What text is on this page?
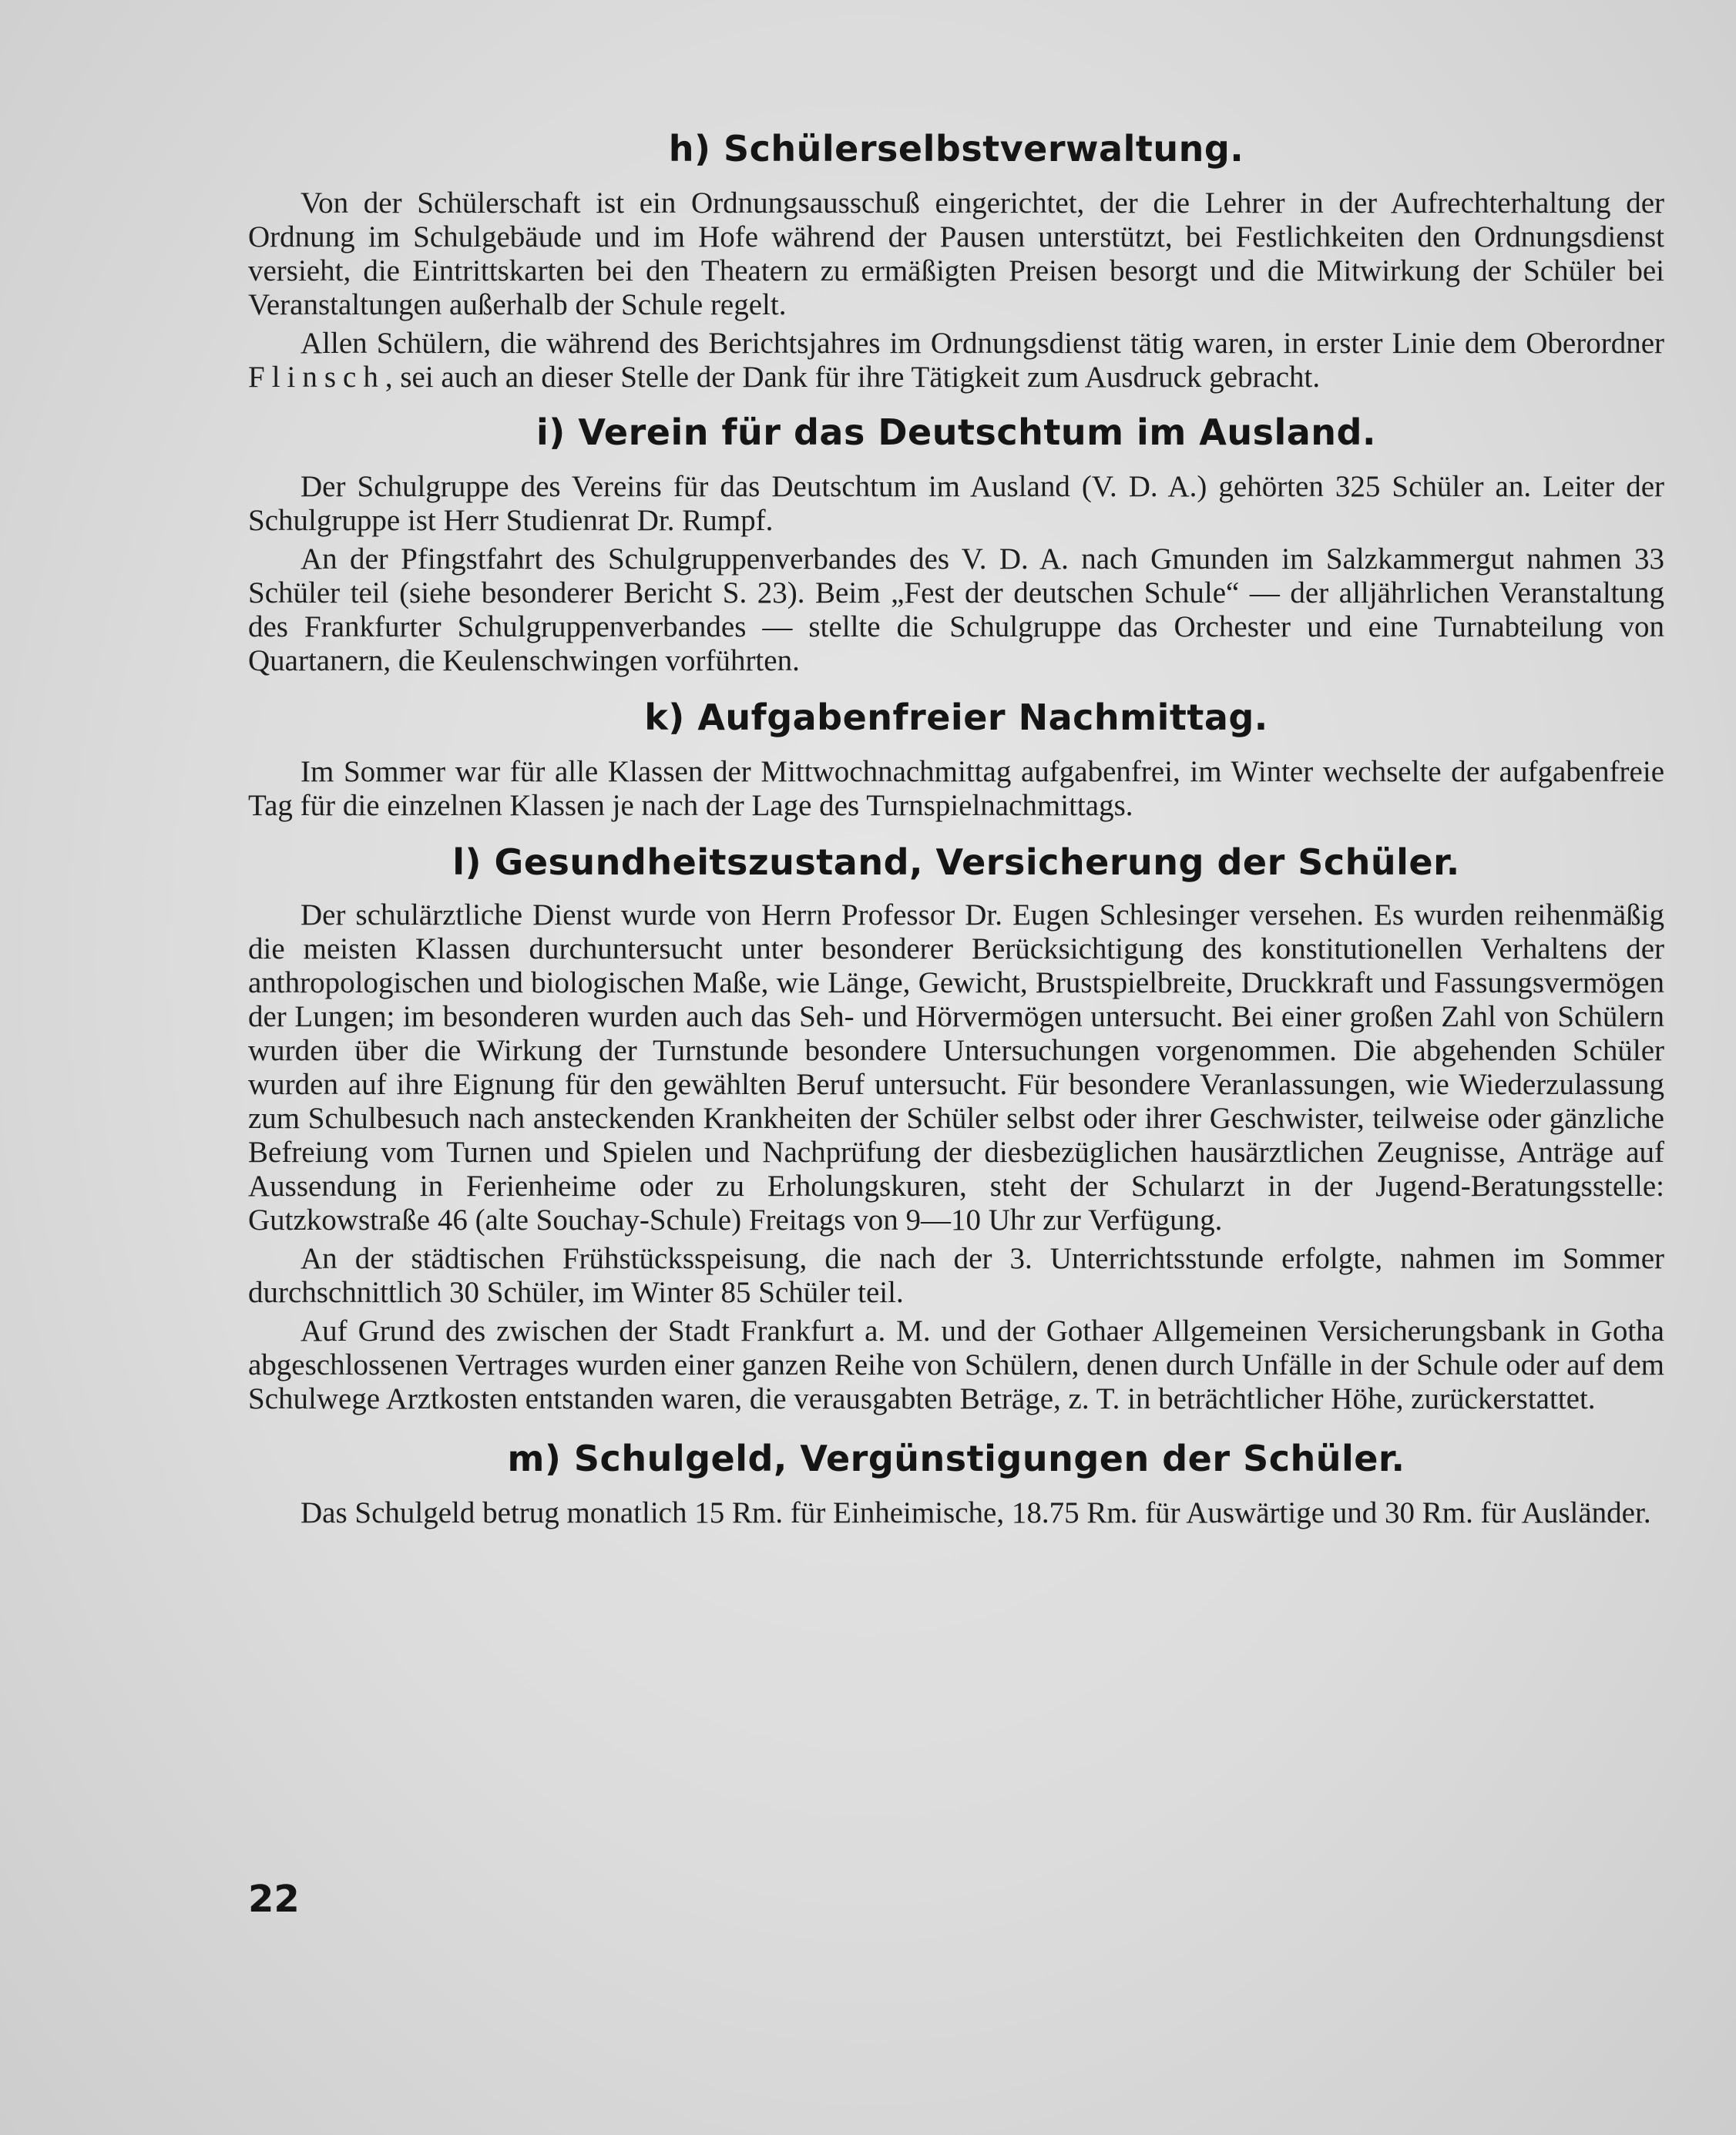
h) Schülerselbstverwaltung.

Von der Schülerschaft ist ein Ordnungsausschuß eingerichtet, der die Lehrer in der Aufrechterhaltung der Ordnung im Schulgebäude und im Hofe während der Pausen unterstützt, bei Festlichkeiten den Ordnungsdienst versieht, die Eintrittskarten bei den Theatern zu ermäßigten Preisen besorgt und die Mitwirkung der Schüler bei Veranstaltungen außerhalb der Schule regelt.

Allen Schülern, die während des Berichtsjahres im Ordnungsdienst tätig waren, in erster Linie dem Oberordner Flinsch, sei auch an dieser Stelle der Dank für ihre Tätigkeit zum Ausdruck gebracht.

i) Verein für das Deutschtum im Ausland.

Der Schulgruppe des Vereins für das Deutschtum im Ausland (V. D. A.) gehörten 325 Schüler an. Leiter der Schulgruppe ist Herr Studienrat Dr. Rumpf.

An der Pfingstfahrt des Schulgruppenverbandes des V. D. A. nach Gmunden im Salzkammergut nahmen 33 Schüler teil (siehe besonderer Bericht S. 23). Beim „Fest der deutschen Schule“ — der alljährlichen Veranstaltung des Frankfurter Schulgruppenverbandes — stellte die Schulgruppe das Orchester und eine Turnabteilung von Quartanern, die Keulenschwingen vorführten.

k) Aufgabenfreier Nachmittag.

Im Sommer war für alle Klassen der Mittwochnachmittag aufgabenfrei, im Winter wechselte der aufgabenfreie Tag für die einzelnen Klassen je nach der Lage des Turnspielnachmittags.

l) Gesundheitszustand, Versicherung der Schüler.

Der schulärztliche Dienst wurde von Herrn Professor Dr. Eugen Schlesinger versehen. Es wurden reihenmäßig die meisten Klassen durchuntersucht unter besonderer Berücksichtigung des konstitutionellen Verhaltens der anthropologischen und biologischen Maße, wie Länge, Gewicht, Brustspielbreite, Druckkraft und Fassungsvermögen der Lungen; im besonderen wurden auch das Seh- und Hörvermögen untersucht. Bei einer großen Zahl von Schülern wurden über die Wirkung der Turnstunde besondere Untersuchungen vorgenommen. Die abgehenden Schüler wurden auf ihre Eignung für den gewählten Beruf untersucht. Für besondere Veranlassungen, wie Wiederzulassung zum Schulbesuch nach ansteckenden Krankheiten der Schüler selbst oder ihrer Geschwister, teilweise oder gänzliche Befreiung vom Turnen und Spielen und Nachprüfung der diesbezüglichen hausärztlichen Zeugnisse, Anträge auf Aussendung in Ferienheime oder zu Erholungskuren, steht der Schularzt in der Jugend-Beratungsstelle: Gutzkowstraße 46 (alte Souchay-Schule) Freitags von 9—10 Uhr zur Verfügung.

An der städtischen Frühstücksspeisung, die nach der 3. Unterrichtsstunde erfolgte, nahmen im Sommer durchschnittlich 30 Schüler, im Winter 85 Schüler teil.

Auf Grund des zwischen der Stadt Frankfurt a. M. und der Gothaer Allgemeinen Versicherungsbank in Gotha abgeschlossenen Vertrages wurden einer ganzen Reihe von Schülern, denen durch Unfälle in der Schule oder auf dem Schulwege Arztkosten entstanden waren, die verausgabten Beträge, z. T. in beträchtlicher Höhe, zurückerstattet.

m) Schulgeld, Vergünstigungen der Schüler.

Das Schulgeld betrug monatlich 15 Rm. für Einheimische, 18.75 Rm. für Auswärtige und 30 Rm. für Ausländer.

22
